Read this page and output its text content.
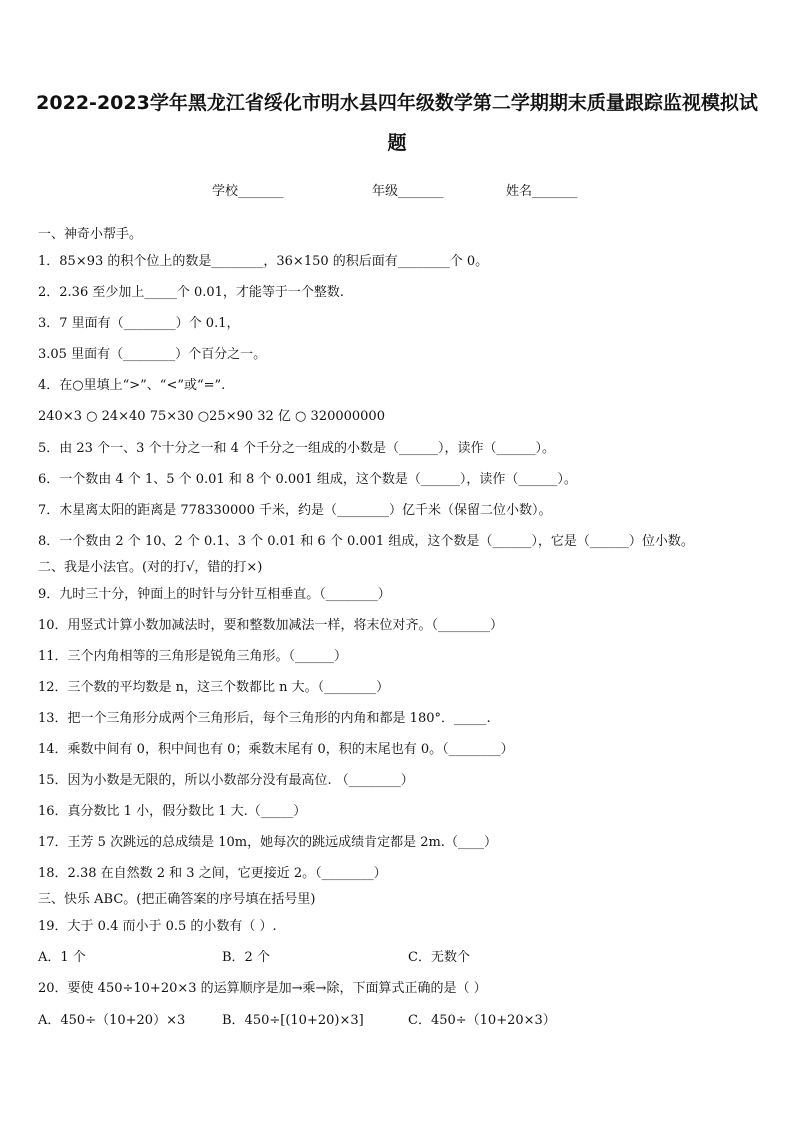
2022-2023学年黑龙江省绥化市明水县四年级数学第二学期期末质量跟踪监视模拟试
题
学校_______	年级_______	姓名_______
一、神奇小帮手。
1．85×93 的积个位上的数是________，36×150 的积后面有________个 0。
2．2.36 至少加上_____个 0.01，才能等于一个整数.
3．7 里面有（________）个 0.1，
3.05 里面有（________）个百分之一。
4．在○里填上“>”、“<”或“=”.
240×3 ○ 24×40 75×30 ○25×90 32 亿 ○ 320000000
5．由 23 个一、3 个十分之一和 4 个千分之一组成的小数是（______），读作（______）。
6．一个数由 4 个 1、5 个 0.01 和 8 个 0.001 组成，这个数是（______），读作（______）。
7．木星离太阳的距离是 778330000 千米，约是（________）亿千米（保留二位小数）。
8．一个数由 2 个 10、2 个 0.1、3 个 0.01 和 6 个 0.001 组成，这个数是（______），它是（______）位小数。
二、我是小法官。(对的打√，错的打×)
9．九时三十分，钟面上的时针与分针互相垂直。（________）
10．用竖式计算小数加减法时，要和整数加减法一样，将末位对齐。（________）
11．三个内角相等的三角形是锐角三角形。（______）
12．三个数的平均数是 n，这三个数都比 n 大。（________）
13．把一个三角形分成两个三角形后，每个三角形的内角和都是 180°．_____.
14．乘数中间有 0，积中间也有 0；乘数末尾有 0，积的末尾也有 0。（________）
15．因为小数是无限的，所以小数部分没有最高位. （________）
16．真分数比 1 小，假分数比 1 大.（_____）
17．王芳 5 次跳远的总成绩是 10m，她每次的跳远成绩肯定都是 2m.（____）
18．2.38 在自然数 2 和 3 之间，它更接近 2。（________）
三、快乐 ABC。(把正确答案的序号填在括号里)
19．大于 0.4 而小于 0.5 的小数有（ ）.
A．1 个	B．2 个	C．无数个
20．要使 450÷10+20×3 的运算顺序是加→乘→除，下面算式正确的是（ ）
A．450÷（10+20）×3	B．450÷[(10+20)×3]	C．450÷（10+20×3）
